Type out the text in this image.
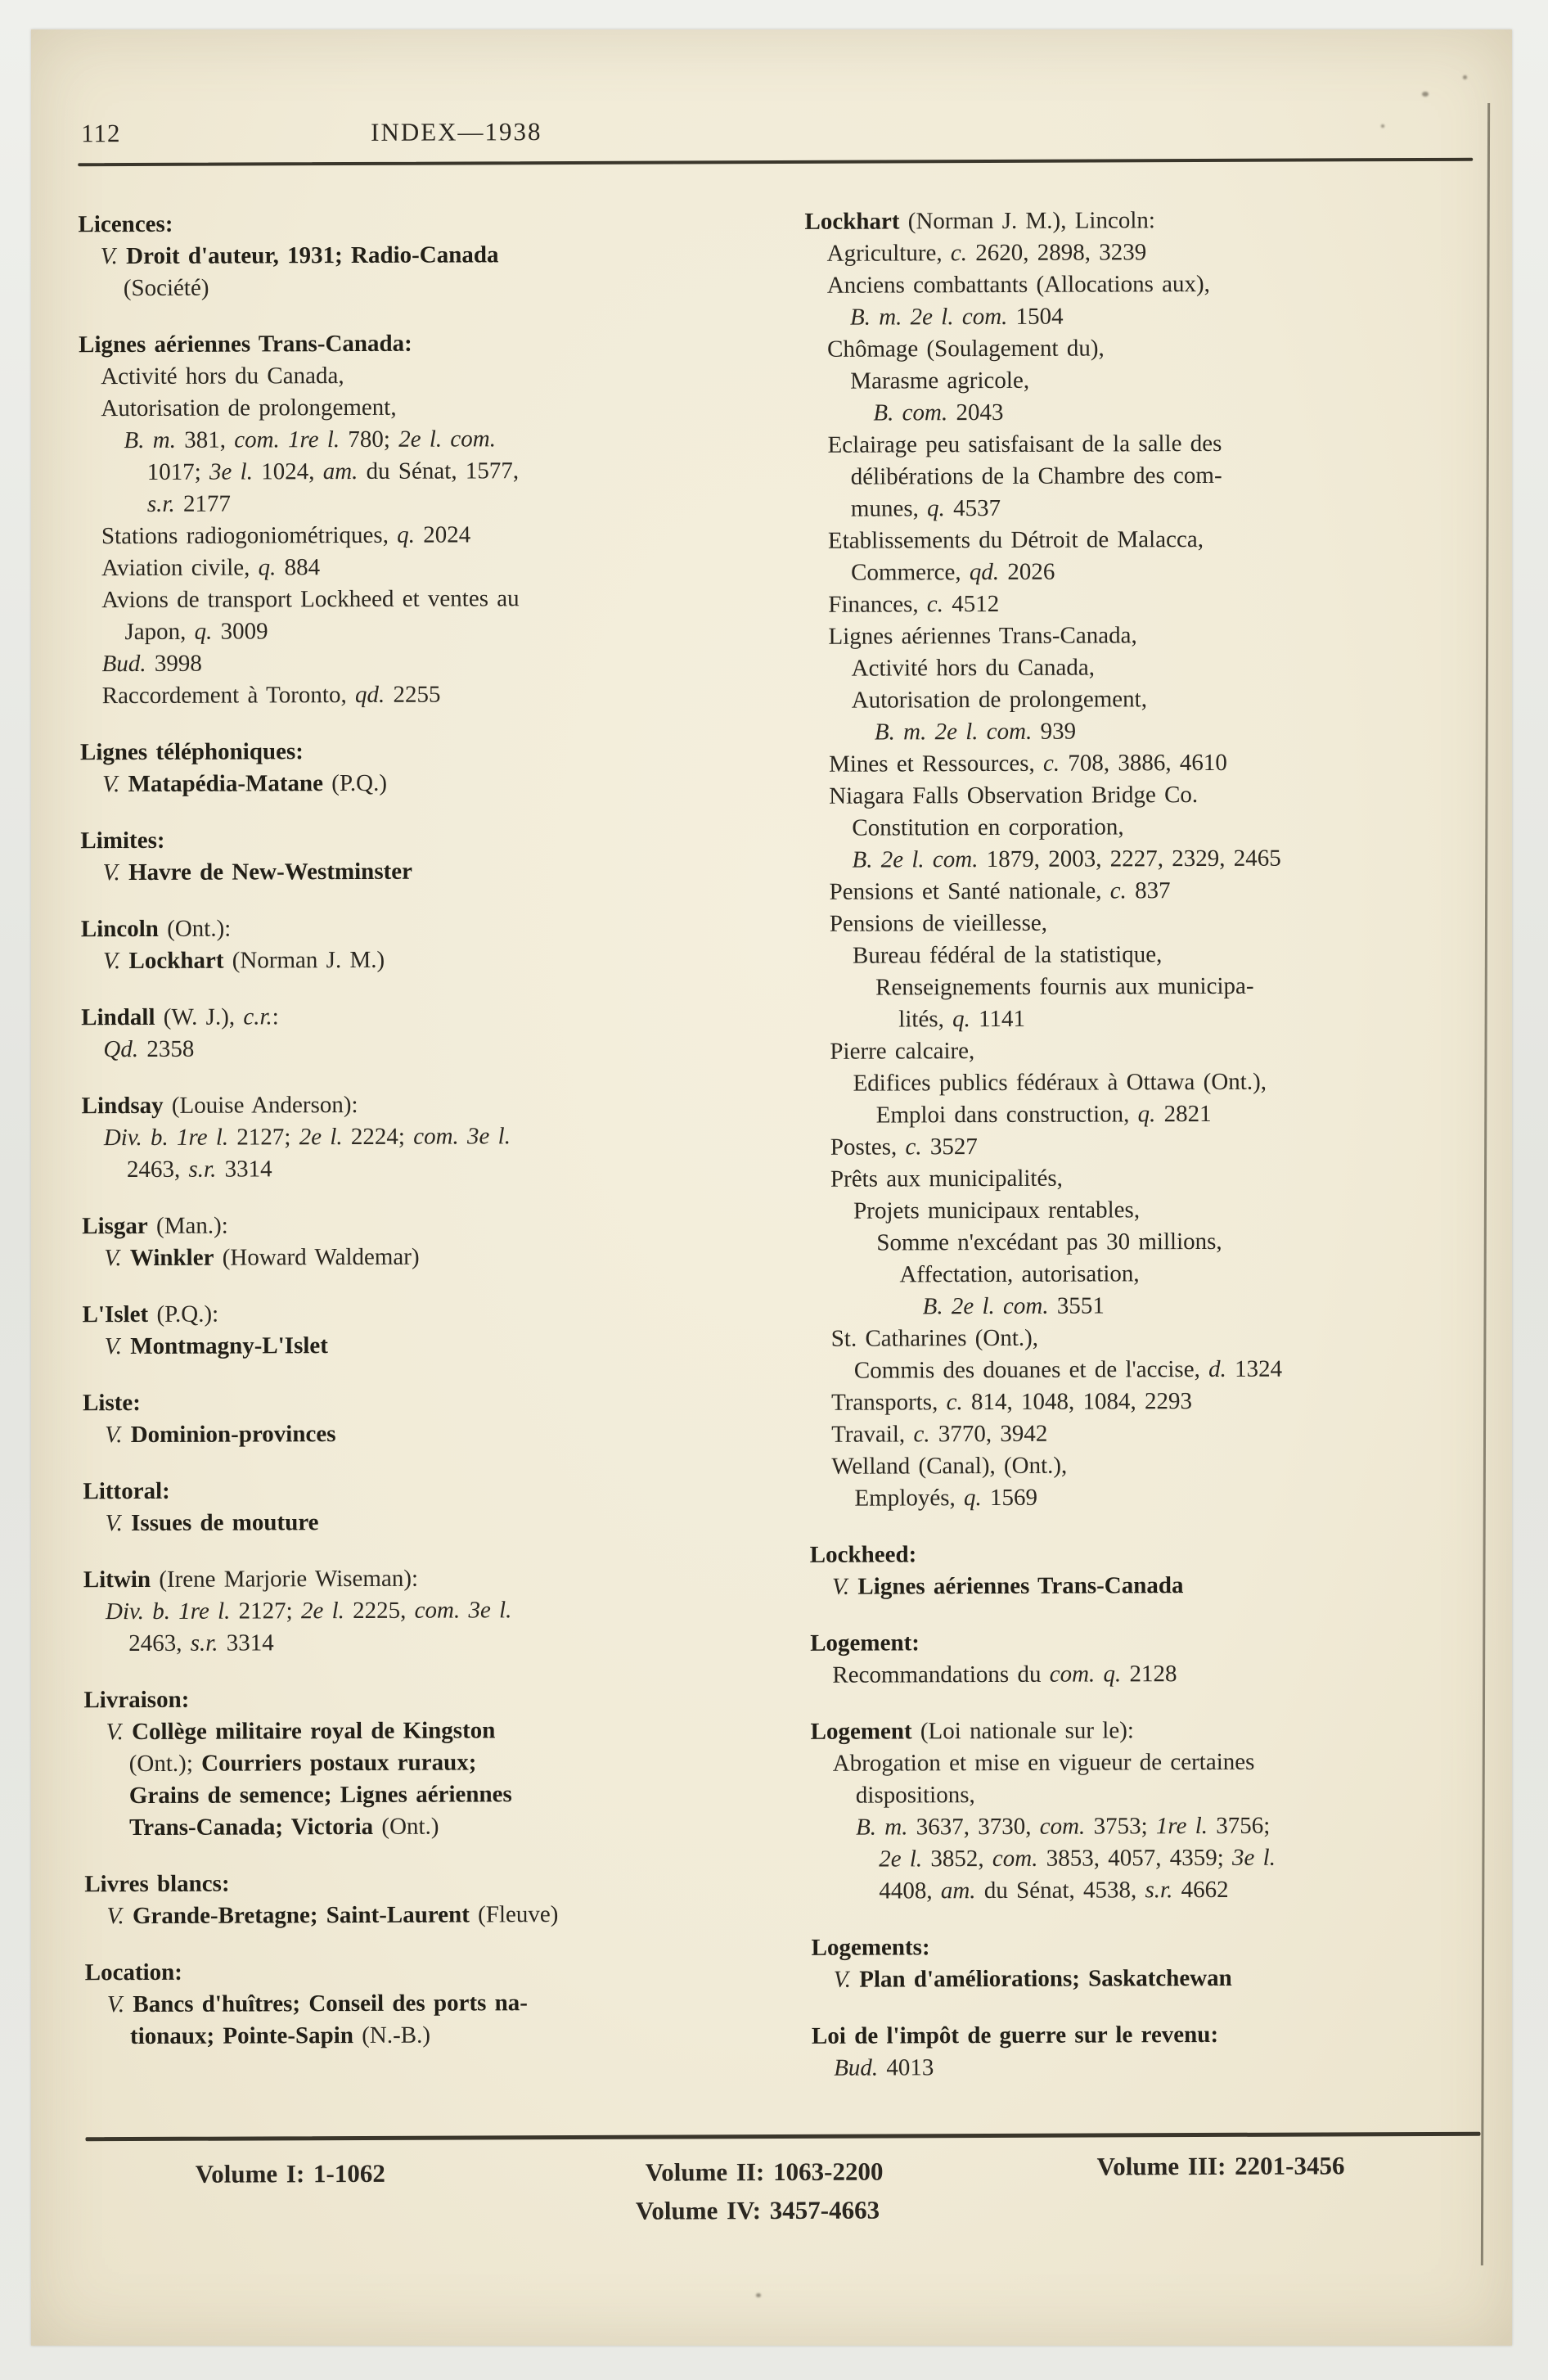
112	INDEX—1938
Licences:
V. Droit d'auteur, 1931; Radio-Canada
(Société)
Lignes aériennes Trans-Canada:
Activité hors du Canada,
Autorisation de prolongement,
B. m. 381, com. 1re l. 780; 2e l. com.
1017; 3e l. 1024, am. du Sénat, 1577,
s.r. 2177
Stations radiogoniométriques, q. 2024
Aviation civile, q. 884
Avions de transport Lockheed et ventes au
Japon, q. 3009
Bud. 3998
Raccordement à Toronto, qd. 2255
Lignes téléphoniques:
V. Matapédia-Matane (P.Q.)
Limites:
V. Havre de New-Westminster
Lincoln (Ont.):
V. Lockhart (Norman J. M.)
Lindall (W. J.), c.r.:
Qd. 2358
Lindsay (Louise Anderson):
Div. b. 1re l. 2127; 2e l. 2224; com. 3e l.
2463, s.r. 3314
Lisgar (Man.):
V. Winkler (Howard Waldemar)
L'Islet (P.Q.):
V. Montmagny-L'Islet
Liste:
V. Dominion-provinces
Littoral:
V. Issues de mouture
Litwin (Irene Marjorie Wiseman):
Div. b. 1re l. 2127; 2e l. 2225, com. 3e l.
2463, s.r. 3314
Livraison:
V. Collège militaire royal de Kingston
(Ont.); Courriers postaux ruraux;
Grains de semence; Lignes aériennes
Trans-Canada; Victoria (Ont.)
Livres blancs:
V. Grande-Bretagne; Saint-Laurent (Fleuve)
Location:
V. Bancs d'huîtres; Conseil des ports na-
tionaux; Pointe-Sapin (N.-B.)
Lockhart (Norman J. M.), Lincoln:
Agriculture, c. 2620, 2898, 3239
Anciens combattants (Allocations aux),
B. m. 2e l. com. 1504
Chômage (Soulagement du),
Marasme agricole,
B. com. 2043
Eclairage peu satisfaisant de la salle des
délibérations de la Chambre des com-
munes, q. 4537
Etablissements du Détroit de Malacca,
Commerce, qd. 2026
Finances, c. 4512
Lignes aériennes Trans-Canada,
Activité hors du Canada,
Autorisation de prolongement,
B. m. 2e l. com. 939
Mines et Ressources, c. 708, 3886, 4610
Niagara Falls Observation Bridge Co.
Constitution en corporation,
B. 2e l. com. 1879, 2003, 2227, 2329, 2465
Pensions et Santé nationale, c. 837
Pensions de vieillesse,
Bureau fédéral de la statistique,
Renseignements fournis aux municipa-
lités, q. 1141
Pierre calcaire,
Edifices publics fédéraux à Ottawa (Ont.),
Emploi dans construction, q. 2821
Postes, c. 3527
Prêts aux municipalités,
Projets municipaux rentables,
Somme n'excédant pas 30 millions,
Affectation, autorisation,
B. 2e l. com. 3551
St. Catharines (Ont.),
Commis des douanes et de l'accise, d. 1324
Transports, c. 814, 1048, 1084, 2293
Travail, c. 3770, 3942
Welland (Canal), (Ont.),
Employés, q. 1569
Lockheed:
V. Lignes aériennes Trans-Canada
Logement:
Recommandations du com. q. 2128
Logement (Loi nationale sur le):
Abrogation et mise en vigueur de certaines
dispositions,
B. m. 3637, 3730, com. 3753; 1re l. 3756;
2e l. 3852, com. 3853, 4057, 4359; 3e l.
4408, am. du Sénat, 4538, s.r. 4662
Logements:
V. Plan d'améliorations; Saskatchewan
Loi de l'impôt de guerre sur le revenu:
Bud. 4013
Volume I: 1-1062	Volume II: 1063-2200	Volume III: 2201-3456
Volume IV: 3457-4663
